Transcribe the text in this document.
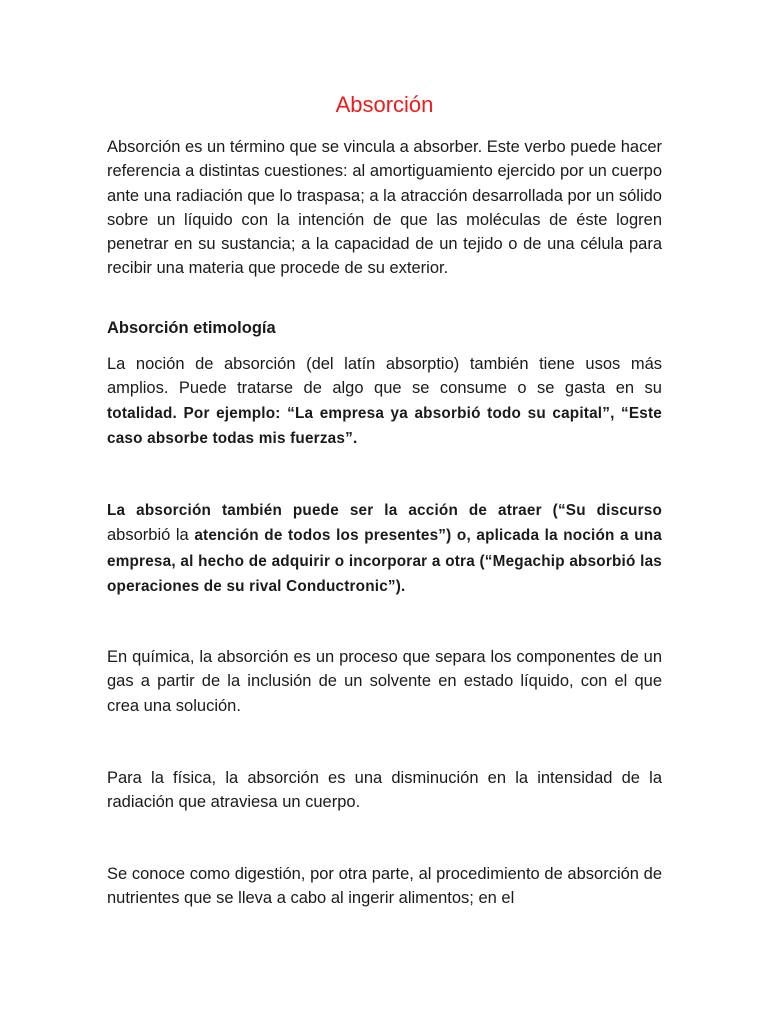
Absorción

Absorción es un término que se vincula a absorber. Este verbo puede hacer referencia a distintas cuestiones: al amortiguamiento ejercido por un cuerpo ante una radiación que lo traspasa; a la atracción desarrollada por un sólido sobre un líquido con la intención de que las moléculas de éste logren penetrar en su sustancia; a la capacidad de un tejido o de una célula para recibir una materia que procede de su exterior.

Absorción etimología

La noción de absorción (del latín absorptio) también tiene usos más amplios. Puede tratarse de algo que se consume o se gasta en su totalidad. Por ejemplo: “La empresa ya absorbió todo su capital”, “Este caso absorbe todas mis fuerzas”.

La absorción también puede ser la acción de atraer (“Su discurso absorbió la atención de todos los presentes”) o, aplicada la noción a una empresa, al hecho de adquirir o incorporar a otra (“Megachip absorbió las operaciones de su rival Conductronic”).

En química, la absorción es un proceso que separa los componentes de un gas a partir de la inclusión de un solvente en estado líquido, con el que crea una solución.

Para la física, la absorción es una disminución en la intensidad de la radiación que atraviesa un cuerpo.

Se conoce como digestión, por otra parte, al procedimiento de absorción de nutrientes que se lleva a cabo al ingerir alimentos; en el
